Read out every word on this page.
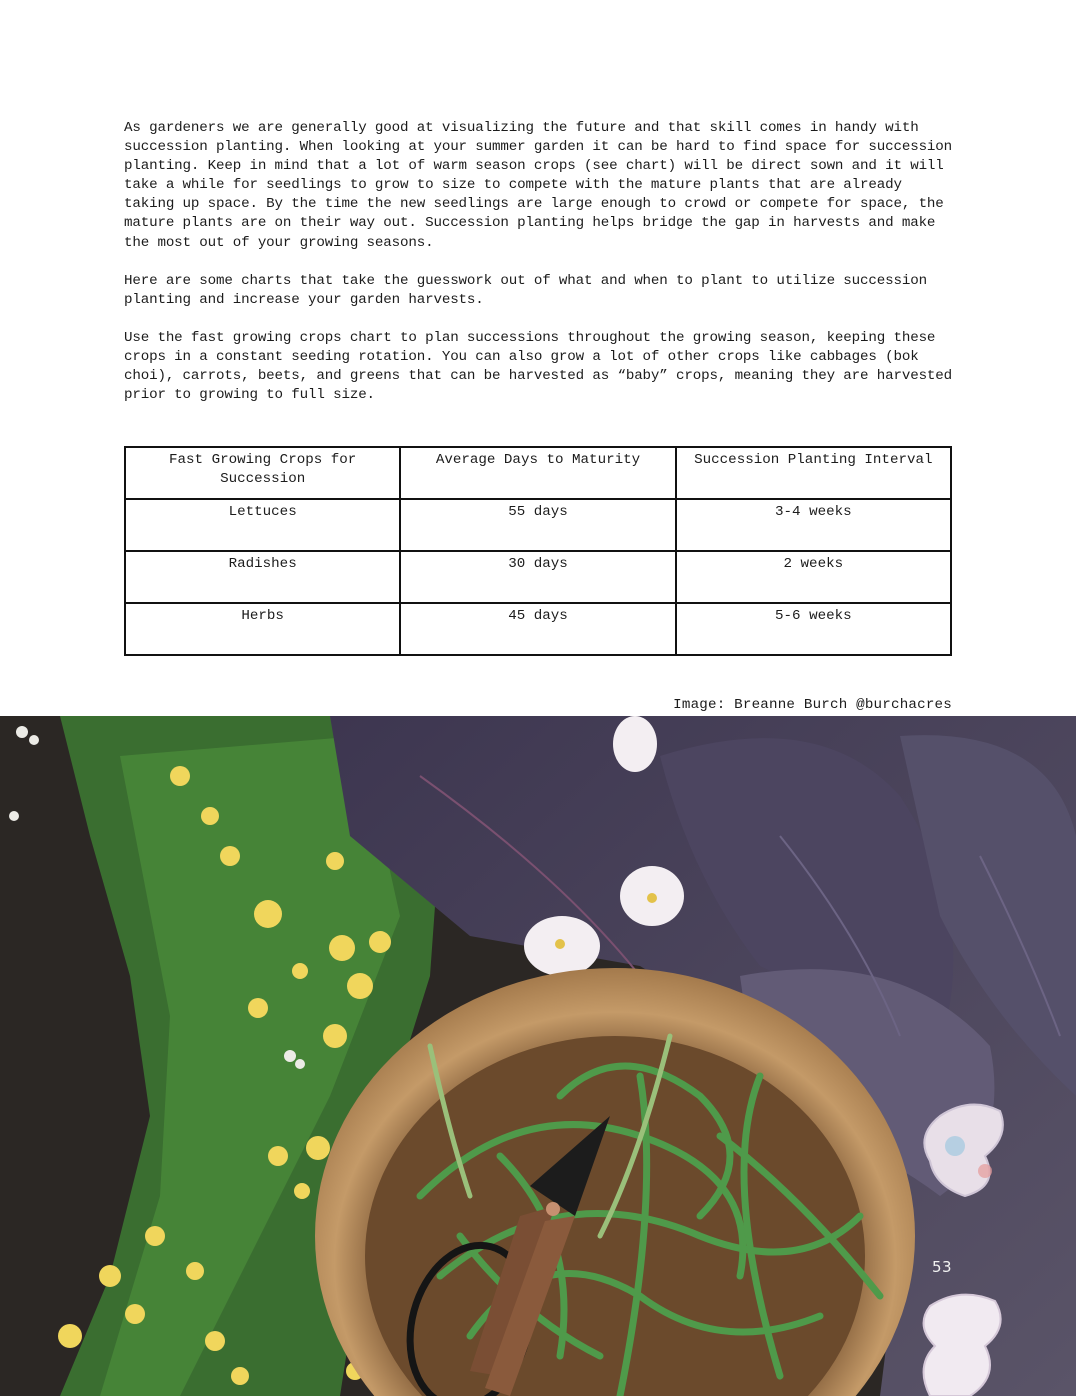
As gardeners we are generally good at visualizing the future and that skill comes in handy with succession planting. When looking at your summer garden it can be hard to find space for succession planting. Keep in mind that a lot of warm season crops (see chart) will be direct sown and it will take a while for seedlings to grow to size to compete with the mature plants that are already taking up space. By the time the new seedlings are large enough to crowd or compete for space, the mature plants are on their way out. Succession planting helps bridge the gap in harvests and make the most out of your growing seasons.

Here are some charts that take the guesswork out of what and when to plant to utilize succession planting and increase your garden harvests.

Use the fast growing crops chart to plan successions throughout the growing season, keeping these crops in a constant seeding rotation. You can also grow a lot of other crops like cabbages (bok choi), carrots, beets, and greens that can be harvested as “baby” crops, meaning they are harvested prior to growing to full size.

Fast Growing Crops for Succession	Average Days to Maturity	Succession Planting Interval
Lettuces	55 days	3-4 weeks
Radishes	30 days	2 weeks
Herbs	45 days	5-6 weeks
Image: Breanne Burch @burchacres
53
